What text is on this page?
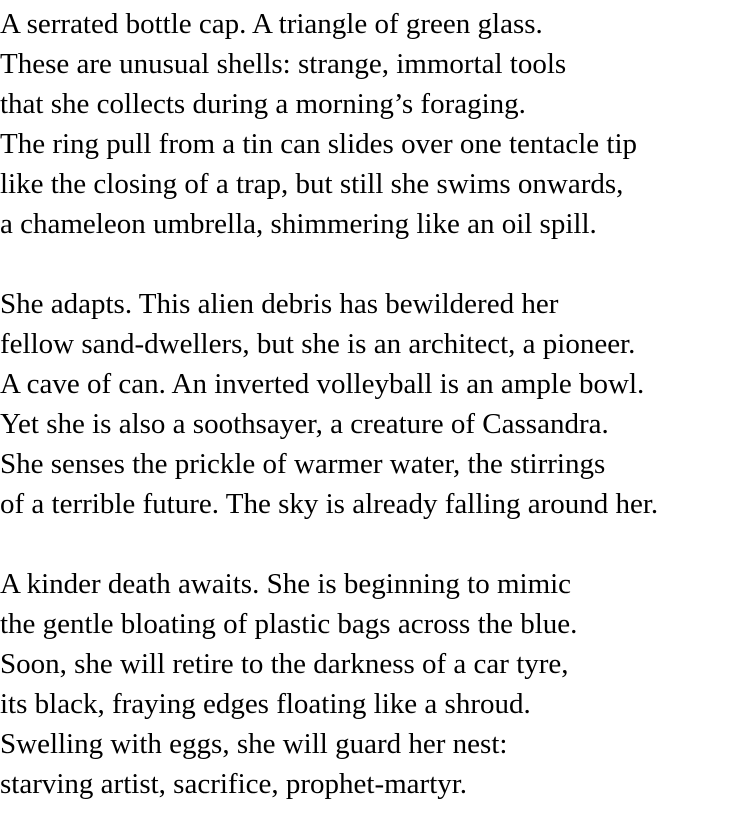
A serrated bottle cap. A triangle of green glass.
These are unusual shells: strange, immortal tools
that she collects during a morning’s foraging.
The ring pull from a tin can slides over one tentacle tip
like the closing of a trap, but still she swims onwards,
a chameleon umbrella, shimmering like an oil spill.
She adapts. This alien debris has bewildered her
fellow sand-dwellers, but she is an architect, a pioneer.
A cave of can. An inverted volleyball is an ample bowl.
Yet she is also a soothsayer, a creature of Cassandra.
She senses the prickle of warmer water, the stirrings
of a terrible future. The sky is already falling around her.
A kinder death awaits. She is beginning to mimic
the gentle bloating of plastic bags across the blue.
Soon, she will retire to the darkness of a car tyre,
its black, fraying edges floating like a shroud.
Swelling with eggs, she will guard her nest:
starving artist, sacrifice, prophet-martyr.
